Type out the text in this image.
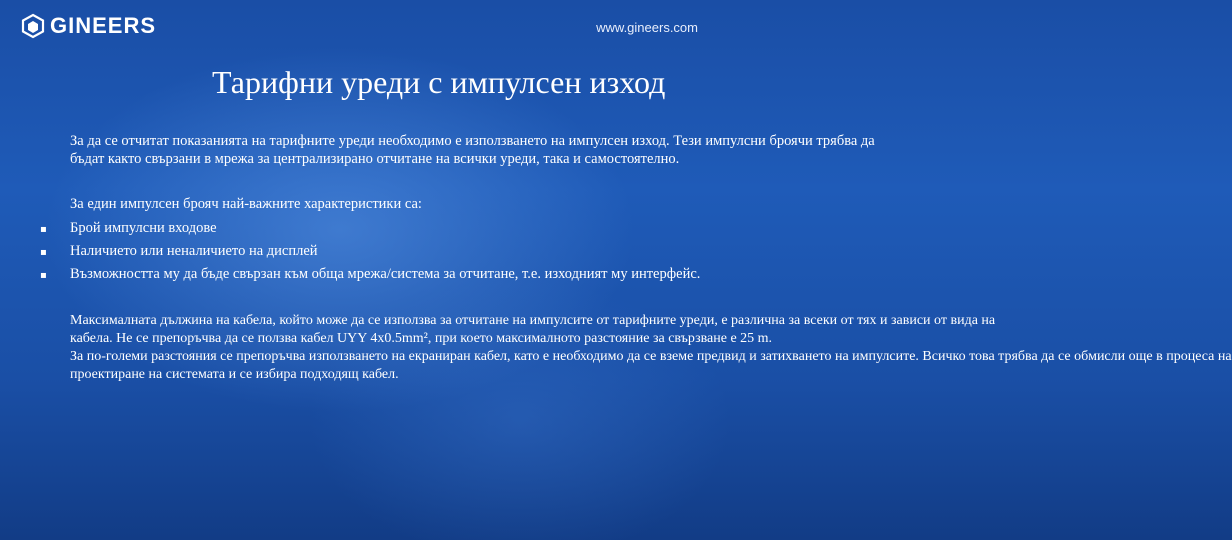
GINEERS	www.gineers.com
Тарифни уреди с импулсен изход
За да се отчитат показанията на тарифните уреди необходимо е използването на импулсен изход. Тези импулсни броячи трябва да
бъдат както свързани в мрежа за централизирано отчитане на всички уреди, така и самостоятелно.
За един импулсен брояч най-важните характеристики са:
▪ Брой импулсни входове
▪ Наличието или неналичието на дисплей
▪ Възможността му да бъде свързан към обща мрежа/система за отчитане, т.е. изходният му интерфейс.
Максималната дължина на кабела, който може да се използва за отчитане на импулсите от тарифните уреди, е различна за всеки от тях и зависи от вида на
кабела. Не се препоръчва да се ползва кабел UYY 4x0.5mm², при което максималното разстояние за свързване е 25 m.
За по-големи разстояния се препоръчва използването на екраниран кабел, като е необходимо да се вземе предвид и затихването на импулсите. Всичко това трябва да се обмисли още в процеса на
проектиране на системата и се избира подходящ кабел.
